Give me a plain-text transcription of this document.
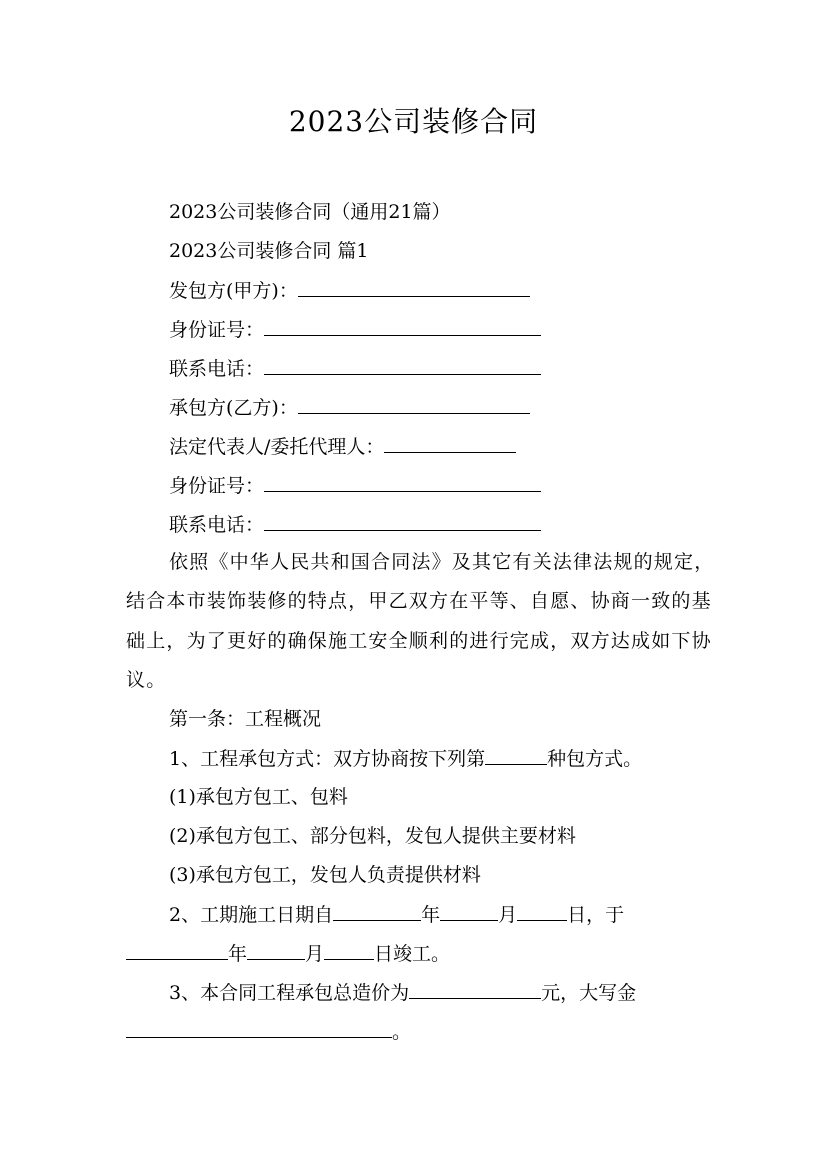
2023公司装修合同

2023公司装修合同（通用21篇）

2023公司装修合同 篇1

发包方(甲方)：
身份证号：
联系电话：
承包方(乙方)：
法定代表人/委托代理人：
身份证号：
联系电话：

依照《中华人民共和国合同法》及其它有关法律法规的规定，结合本市装饰装修的特点，甲乙双方在平等、自愿、协商一致的基础上，为了更好的确保施工安全顺利的进行完成，双方达成如下协议。

第一条：工程概况

1、工程承包方式：双方协商按下列第	种包方式。

(1)承包方包工、包料

(2)承包方包工、部分包料，发包人提供主要材料

(3)承包方包工，发包人负责提供材料

2、工期施工日期自	年	月	日，于
年	月	日竣工。
3、本合同工程承包总造价为	元，大写金
。
